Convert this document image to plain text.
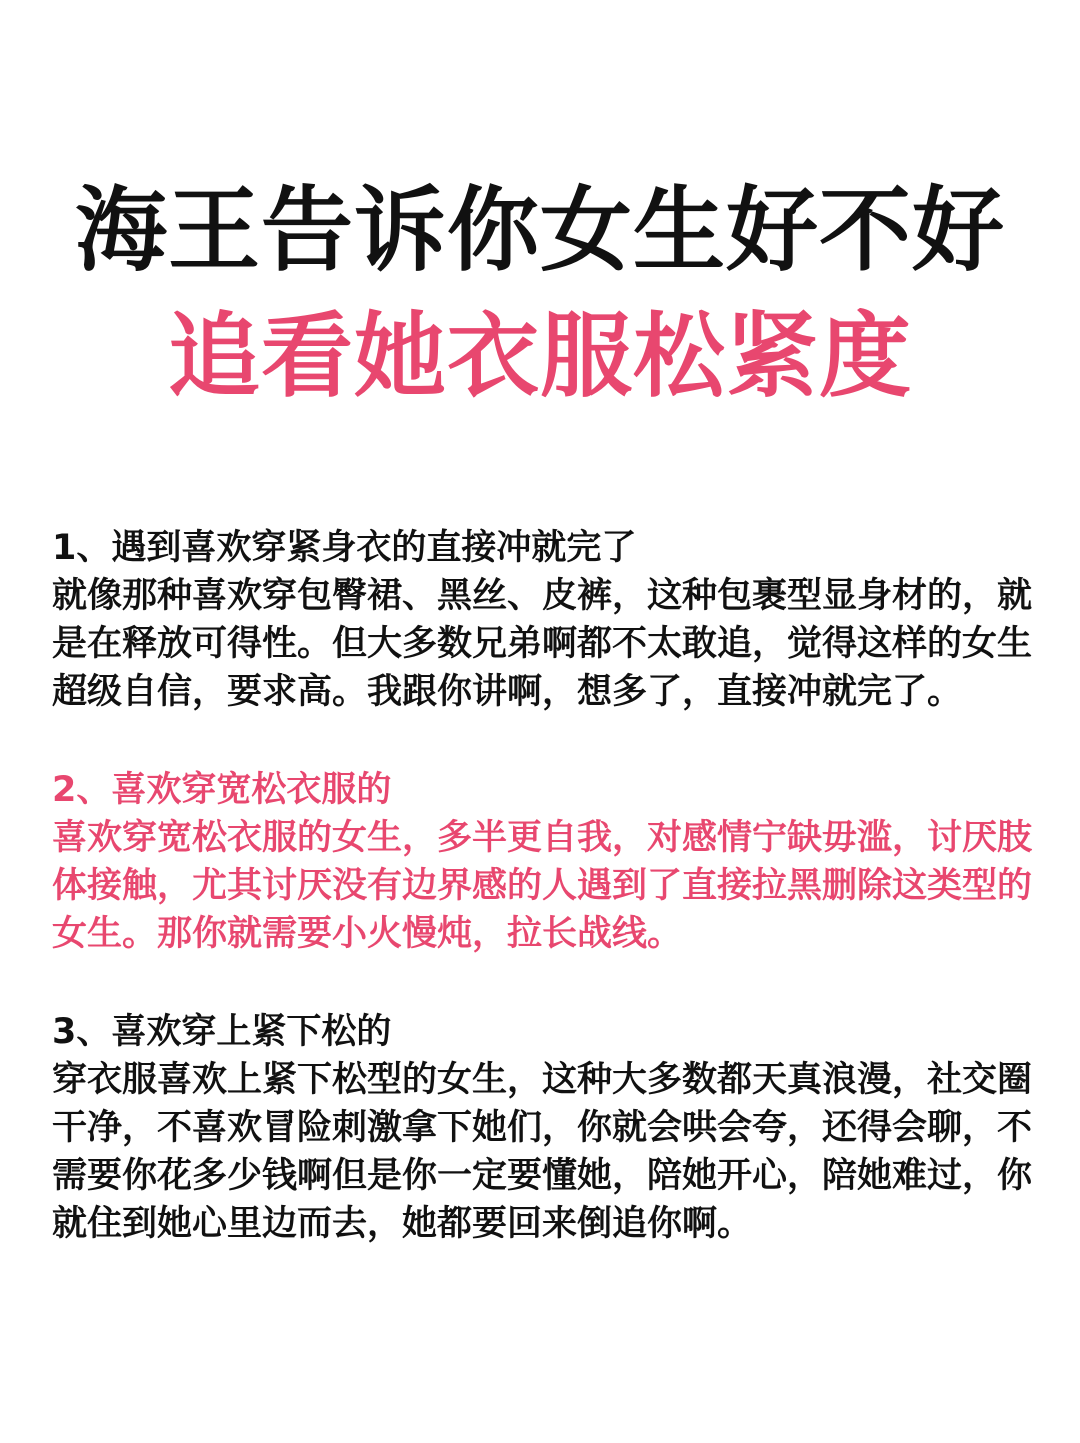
海王告诉你女生好不好
追看她衣服松紧度

1、遇到喜欢穿紧身衣的直接冲就完了

就像那种喜欢穿包臀裙、黑丝、皮裤，这种包裹型显身材的，就是在释放可得性。但大多数兄弟啊都不太敢追，觉得这样的女生超级自信，要求高。我跟你讲啊，想多了，直接冲就完了。

2、喜欢穿宽松衣服的

喜欢穿宽松衣服的女生，多半更自我，对感情宁缺毋滥，讨厌肢体接触，尤其讨厌没有边界感的人遇到了直接拉黑删除这类型的女生。那你就需要小火慢炖，拉长战线。

3、喜欢穿上紧下松的

穿衣服喜欢上紧下松型的女生，这种大多数都天真浪漫，社交圈干净，不喜欢冒险刺激拿下她们，你就会哄会夸，还得会聊，不需要你花多少钱啊但是你一定要懂她，陪她开心，陪她难过，你就住到她心里边而去，她都要回来倒追你啊。
